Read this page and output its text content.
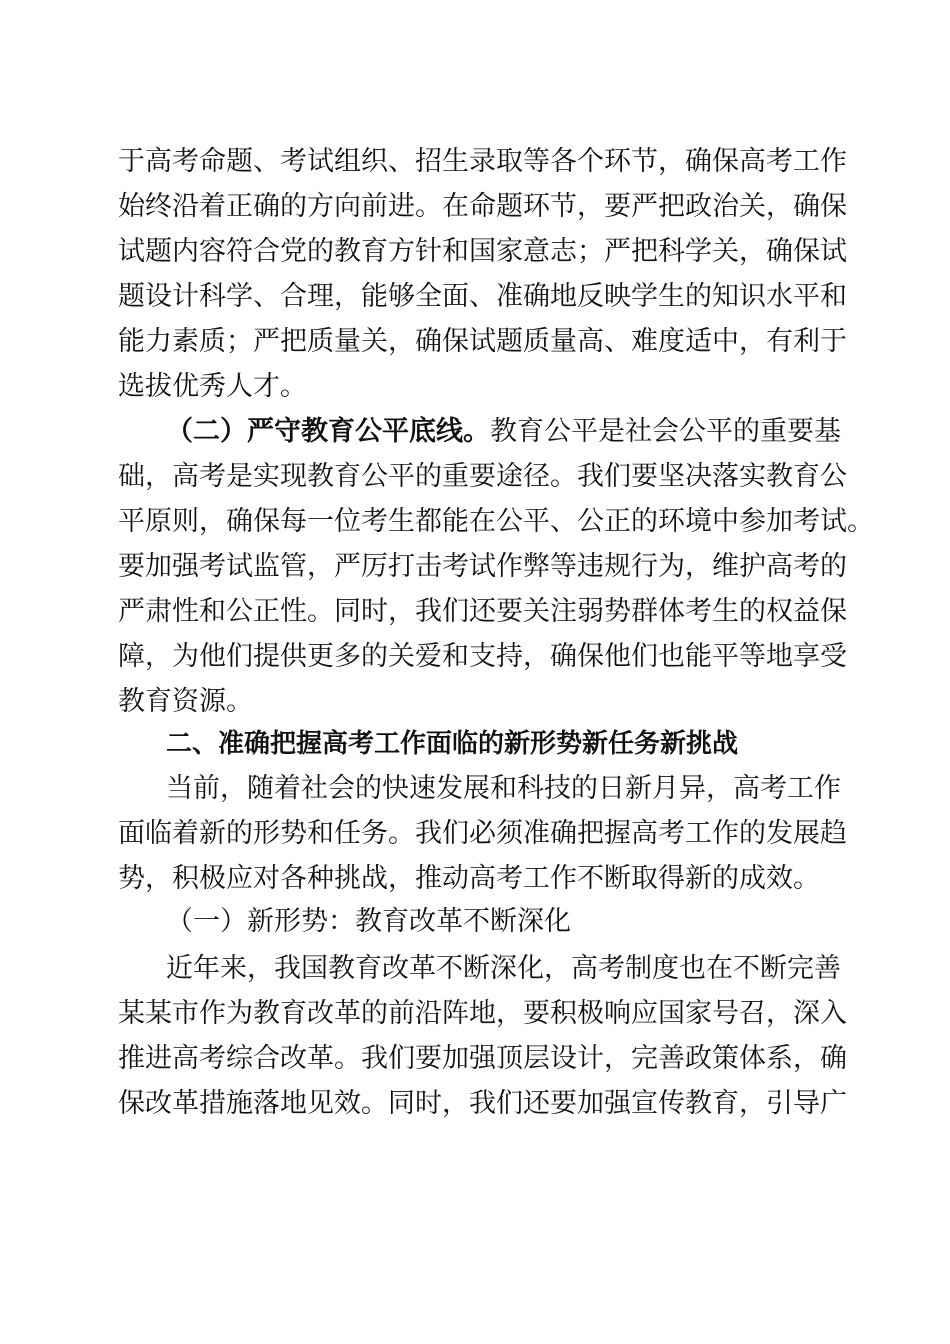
于高考命题、考试组织、招生录取等各个环节，确保高考工作
始终沿着正确的方向前进。在命题环节，要严把政治关，确保
试题内容符合党的教育方针和国家意志；严把科学关，确保试
题设计科学、合理，能够全面、准确地反映学生的知识水平和
能力素质；严把质量关，确保试题质量高、难度适中，有利于
选拔优秀人才。
（二）严守教育公平底线。 教育公平是社会公平的重要基
础，高考是实现教育公平的重要途径。我们要坚决落实教育公
平原则，确保每一位考生都能在公平、公正的环境中参加考试。
要加强考试监管，严厉打击考试作弊等违规行为，维护高考的
严肃性和公正性。同时，我们还要关注弱势群体考生的权益保
障，为他们提供更多的关爱和支持，确保他们也能平等地享受
教育资源。
二、准确把握高考工作面临的新形势新任务新挑战
当前，随着社会的快速发展和科技的日新月异，高考工作
面临着新的形势和任务。我们必须准确把握高考工作的发展趋
势，积极应对各种挑战，推动高考工作不断取得新的成效。
（一）新形势：教育改革不断深化
近年来，我国教育改革不断深化，高考制度也在不断完善
某某市作为教育改革的前沿阵地，要积极响应国家号召，深入
推进高考综合改革。我们要加强顶层设计，完善政策体系，确
保改革措施落地见效。同时，我们还要加强宣传教育，引导广
